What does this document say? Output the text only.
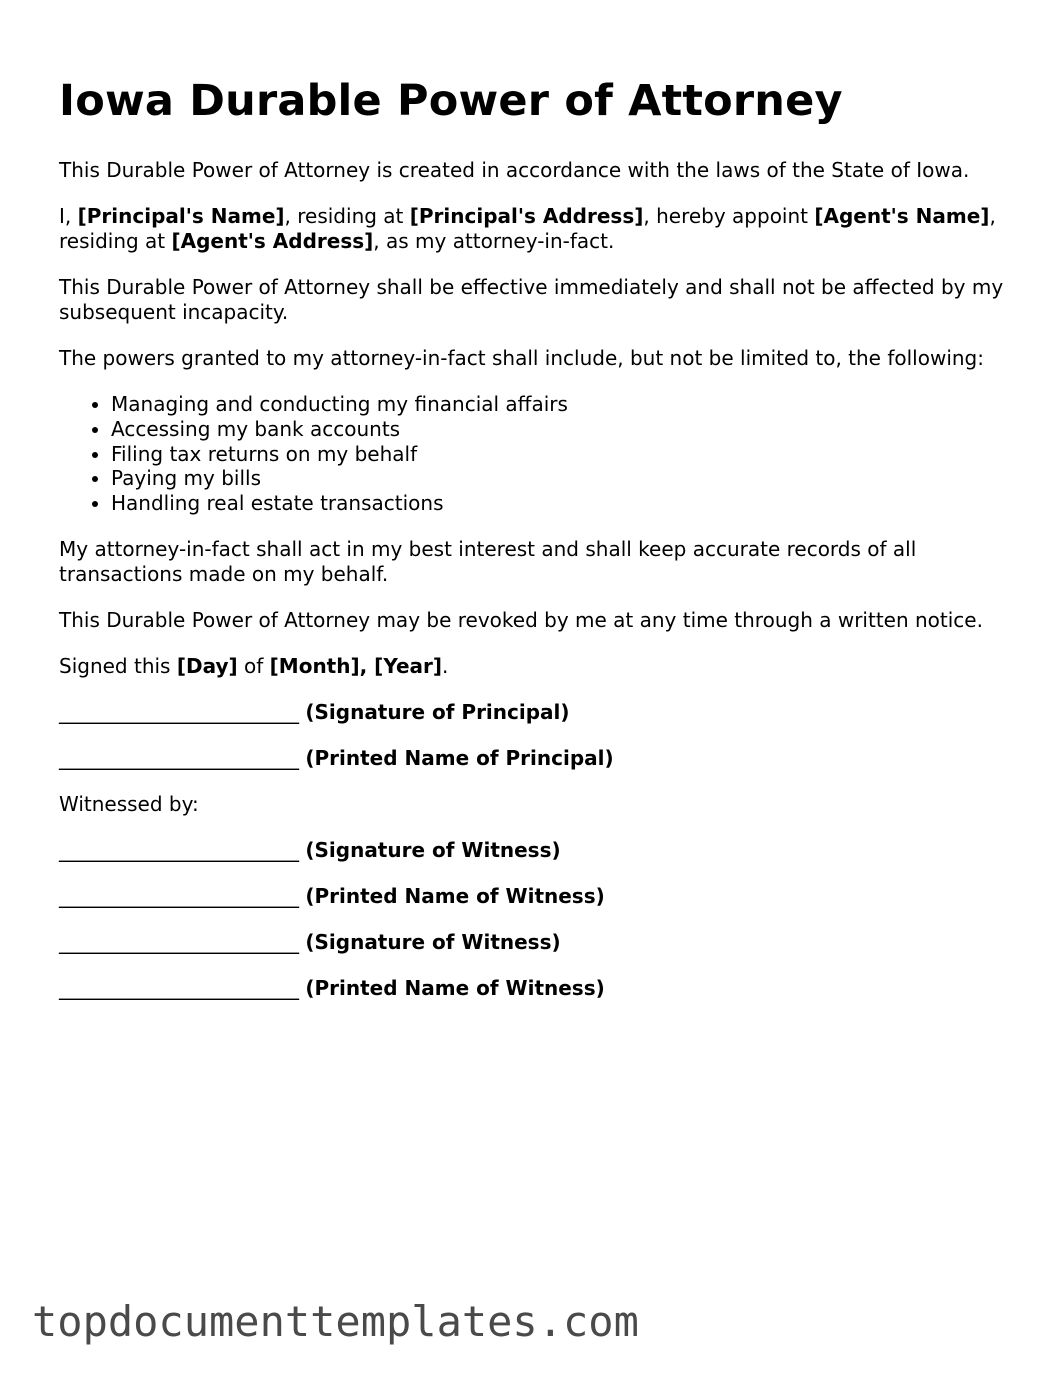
Iowa Durable Power of Attorney

This Durable Power of Attorney is created in accordance with the laws of the State of Iowa.

I, [Principal's Name], residing at [Principal's Address], hereby appoint [Agent's Name], residing at [Agent's Address], as my attorney-in-fact.

This Durable Power of Attorney shall be effective immediately and shall not be affected by my subsequent incapacity.

The powers granted to my attorney-in-fact shall include, but not be limited to, the following:

• Managing and conducting my financial affairs
• Accessing my bank accounts
• Filing tax returns on my behalf
• Paying my bills
• Handling real estate transactions

My attorney-in-fact shall act in my best interest and shall keep accurate records of all transactions made on my behalf.

This Durable Power of Attorney may be revoked by me at any time through a written notice.

Signed this [Day] of [Month], [Year].

________________________ (Signature of Principal)
________________________ (Printed Name of Principal)

Witnessed by:

________________________ (Signature of Witness)
________________________ (Printed Name of Witness)
________________________ (Signature of Witness)
________________________ (Printed Name of Witness)
topdocumenttemplates.com
